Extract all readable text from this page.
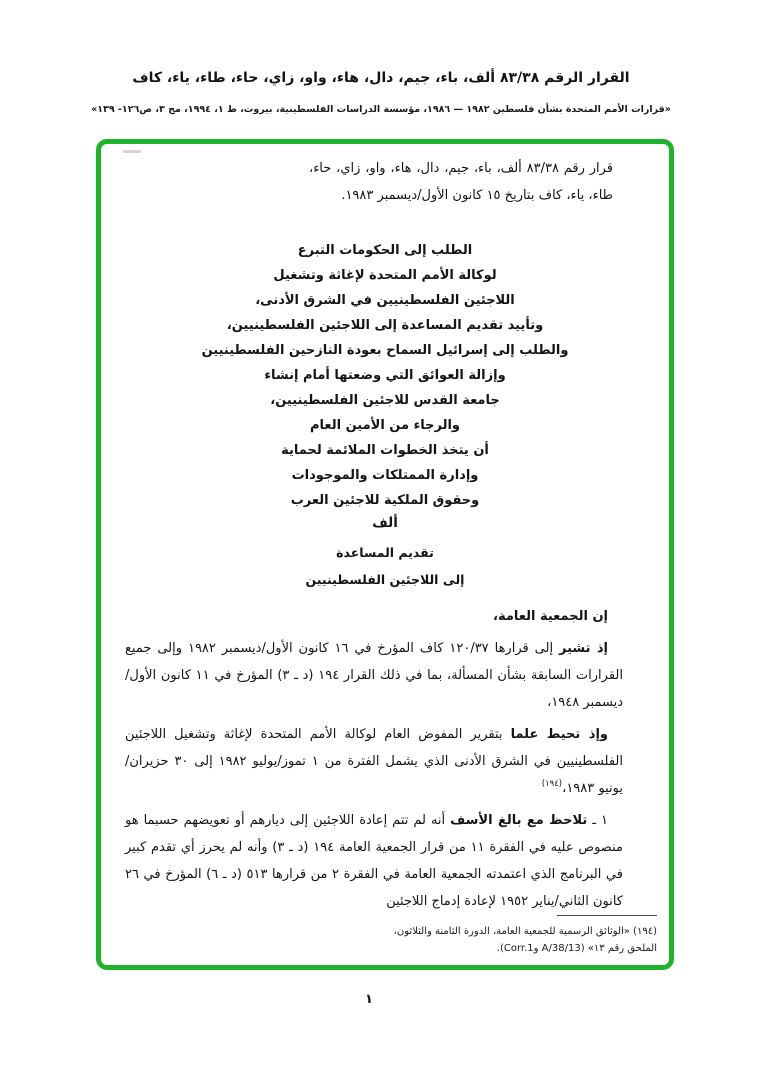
القرار الرقم ٨٣/٣٨ ألف، باء، جيم، دال، هاء، واو، زاي، حاء، طاء، ياء، كاف
«قرارات الأمم المتحدة بشأن فلسطين ١٩٨٢ — ١٩٨٦، مؤسسة الدراسات الفلسطينية، بيروت، ط ١، ١٩٩٤، مج ٣، ص١٢٦- ١٣٩»
قرار رقم ٨٣/٣٨ ألف، باء، جيم، دال، هاء، واو، زاي، حاء، طاء، ياء، كاف بتاريخ ١٥ كانون الأول/ديسمبر ١٩٨٣.
الطلب إلى الحكومات التبرع
لوكالة الأمم المتحدة لإغاثة وتشغيل
اللاجئين الفلسطينيين في الشرق الأدنى،
وتأييد تقديم المساعدة إلى اللاجئين الفلسطينيين،
والطلب إلى إسرائيل السماح بعودة النازحين الفلسطينيين
وإزالة العوائق التي وضعتها أمام إنشاء
جامعة القدس للاجئين الفلسطينيين،
والرجاء من الأمين العام
أن يتخذ الخطوات الملائمة لحماية
وإدارة الممتلكات والموجودات
وحقوق الملكية للاجئين العرب
ألف
تقديم المساعدة
إلى اللاجئين الفلسطينيين

إن الجمعية العامة،

إذ تشير إلى قرارها ١٢٠/٣٧ كاف المؤرخ في ١٦ كانون الأول/ديسمبر ١٩٨٢ وإلى جميع القرارات السابقة بشأن المسألة، بما في ذلك القرار ١٩٤ (د ـ ٣) المؤرخ في ١١ كانون الأول/ديسمبر ١٩٤٨،

وإذ تحيط علما بتقرير المفوض العام لوكالة الأمم المتحدة لإغاثة وتشغيل اللاجئين الفلسطينيين في الشرق الأدنى الذي يشمل الفترة من ١ تموز/يوليو ١٩٨٢ إلى ٣٠ حزيران/يونيو ١٩٨٣،$^{(١٩٤)}$

١ ـ تلاحظ مع بالغ الأسف أنه لم تتم إعادة اللاجئين إلى ديارهم أو تعويضهم حسبما هو منصوص عليه في الفقرة ١١ من قرار الجمعية العامة ١٩٤ (د ـ ٣) وأنه لم يحرز أي تقدم كبير في البرنامج الذي اعتمدته الجمعية العامة في الفقرة ٢ من قرارها ٥١٣ (د ـ ٦) المؤرخ في ٢٦ كانون الثاني/يناير ١٩٥٢ لإعادة إدماج اللاجئين

(١٩٤) «الوثائق الرسمية للجمعية العامة، الدورة الثامنة والثلاثون، الملحق رقم ١٣» (A/38/13 وCorr.1).
١
